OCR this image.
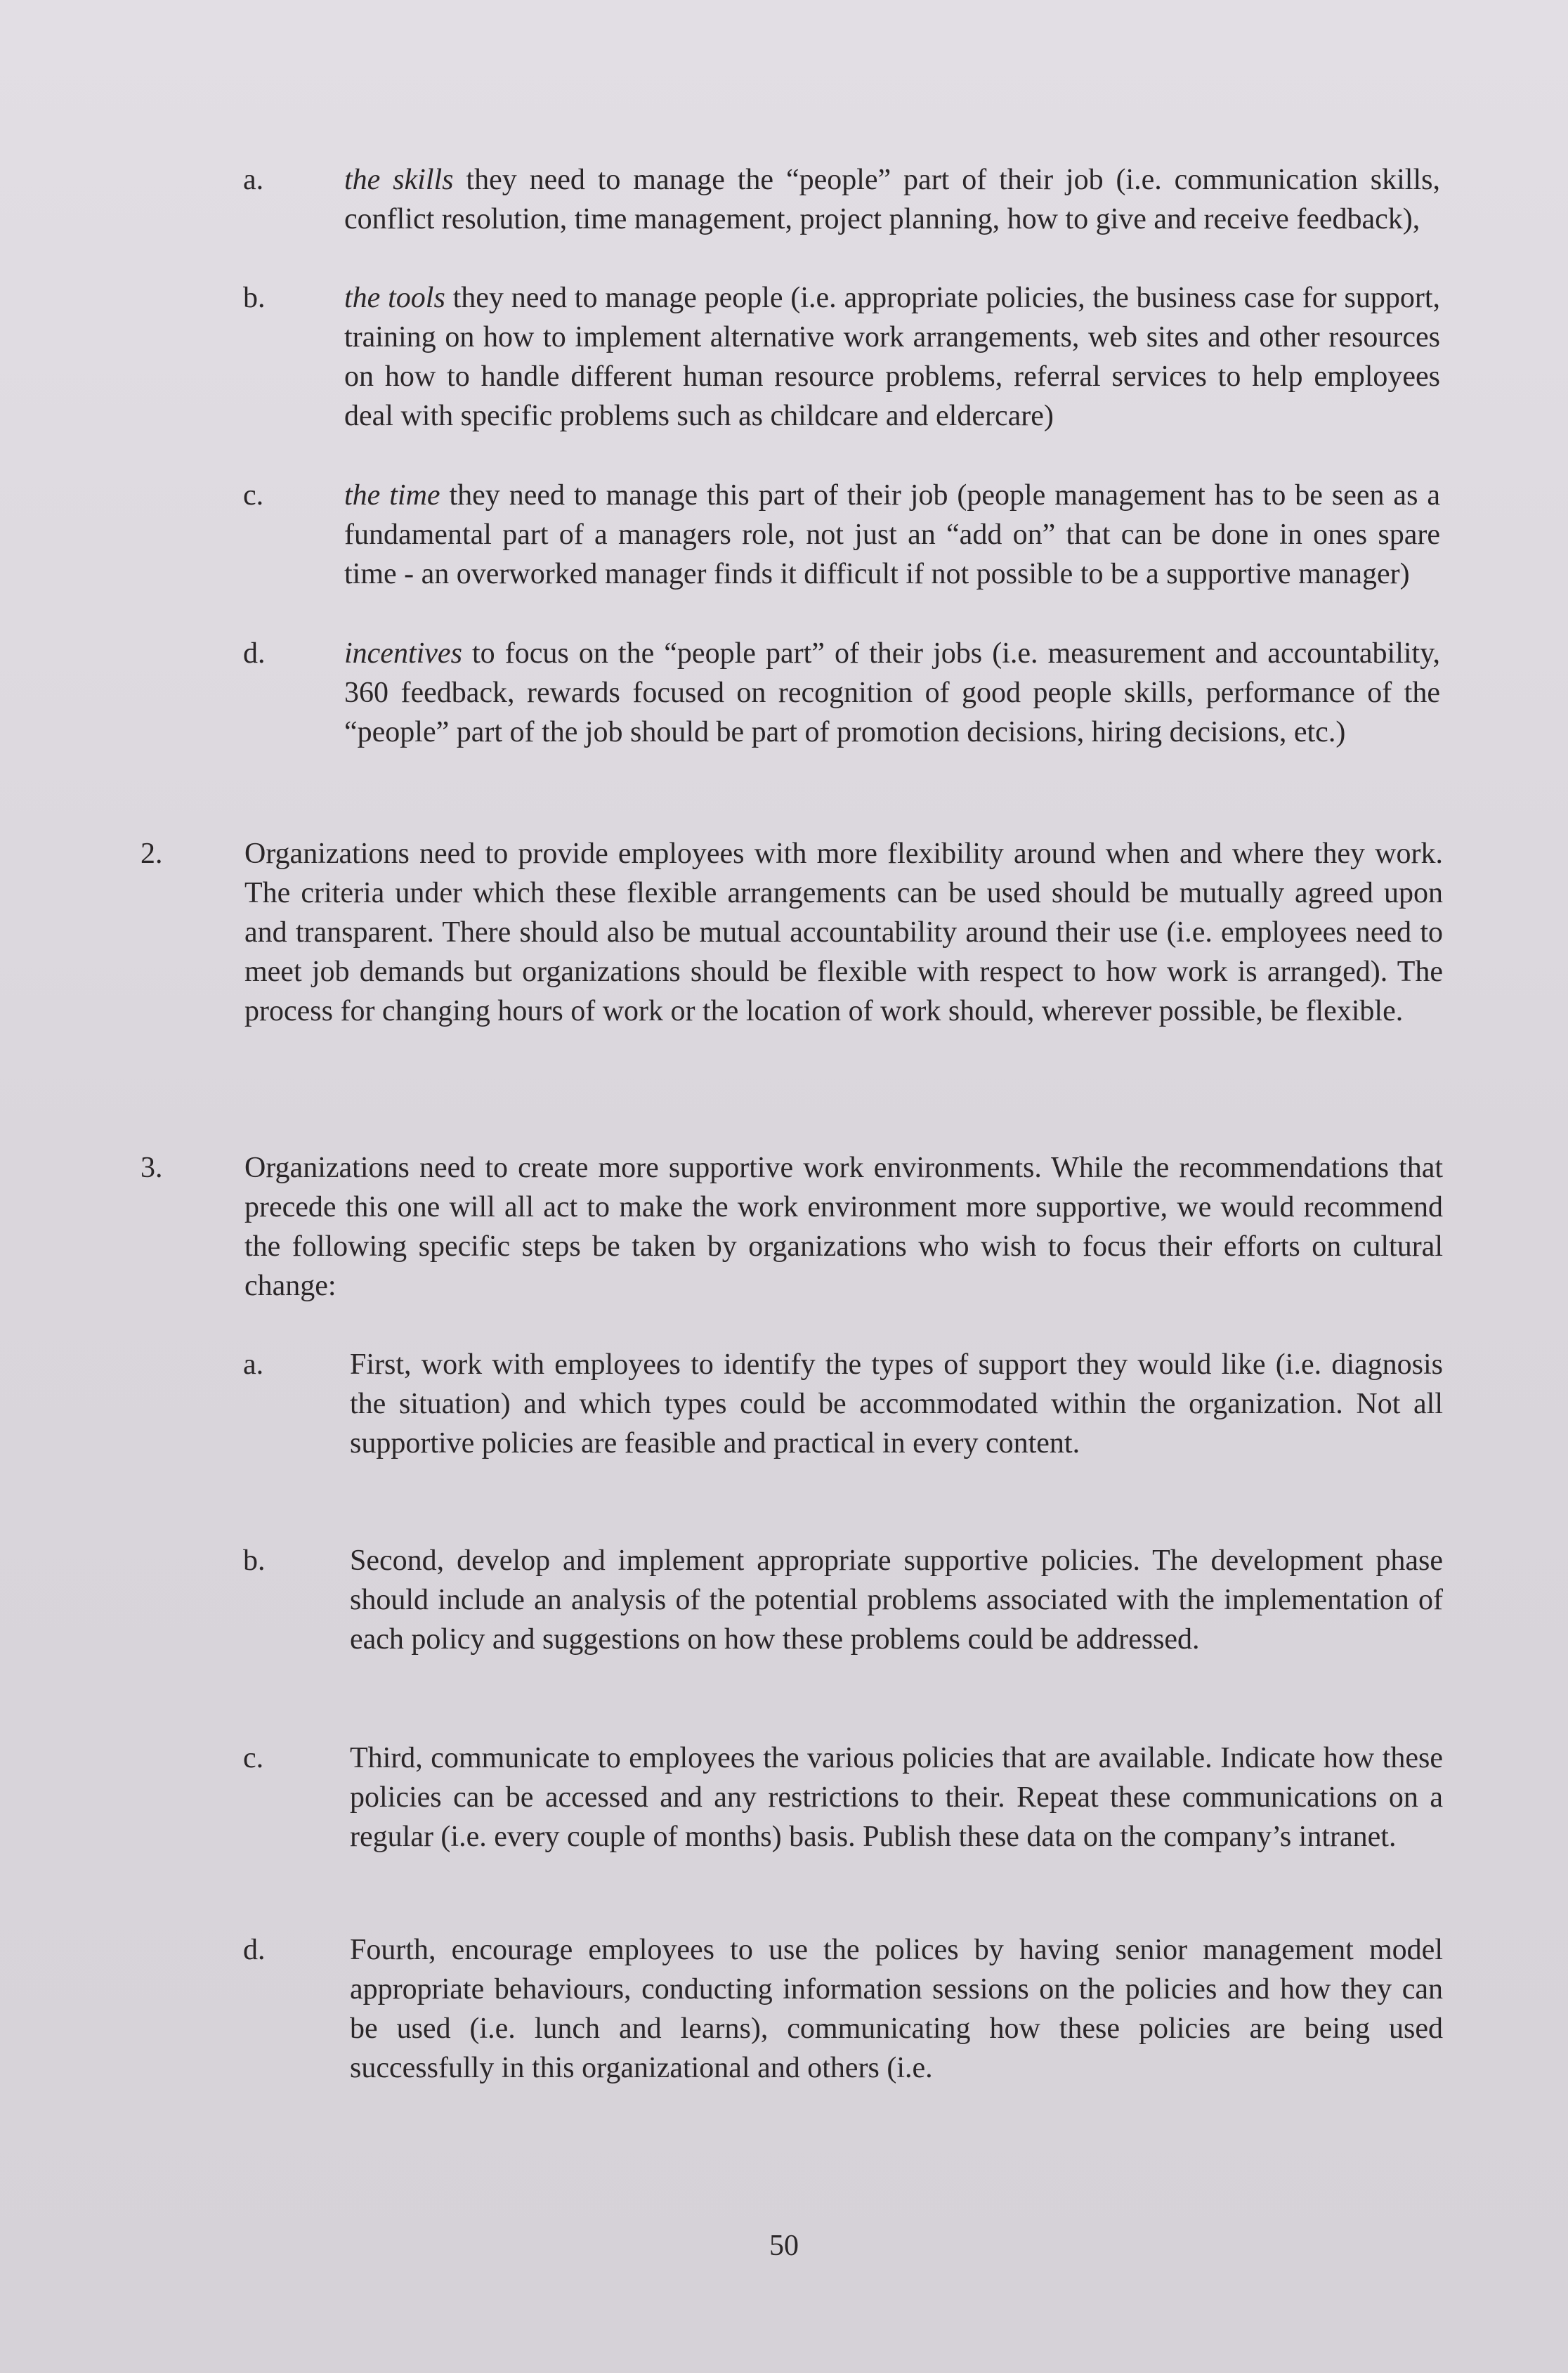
a.	the skills they need to manage the “people” part of their job (i.e. communication skills, conflict resolution, time management, project planning, how to give and receive feedback),

b.	the tools they need to manage people (i.e. appropriate policies, the business case for support, training on how to implement alternative work arrangements, web sites and other resources on how to handle different human resource problems, referral services to help employees deal with specific problems such as childcare and eldercare)

c.	the time they need to manage this part of their job (people management has to be seen as a fundamental part of a managers role, not just an “add on” that can be done in ones spare time - an overworked manager finds it difficult if not possible to be a supportive manager)

d.	incentives to focus on the “people part” of their jobs (i.e. measurement and accountability, 360 feedback, rewards focused on recognition of good people skills, performance of the “people” part of the job should be part of promotion decisions, hiring decisions, etc.)

2.	Organizations need to provide employees with more flexibility around when and where they work. The criteria under which these flexible arrangements can be used should be mutually agreed upon and transparent. There should also be mutual accountability around their use (i.e. employees need to meet job demands but organizations should be flexible with respect to how work is arranged). The process for changing hours of work or the location of work should, wherever possible, be flexible.

3.	Organizations need to create more supportive work environments. While the recommendations that precede this one will all act to make the work environment more supportive, we would recommend the following specific steps be taken by organizations who wish to focus their efforts on cultural change:

a.	First, work with employees to identify the types of support they would like (i.e. diagnosis the situation) and which types could be accommodated within the organization. Not all supportive policies are feasible and practical in every content.

b.	Second, develop and implement appropriate supportive policies. The development phase should include an analysis of the potential problems associated with the implementation of each policy and suggestions on how these problems could be addressed.

c.	Third, communicate to employees the various policies that are available. Indicate how these policies can be accessed and any restrictions to their. Repeat these communications on a regular (i.e. every couple of months) basis. Publish these data on the company’s intranet.

d.	Fourth, encourage employees to use the polices by having senior management model appropriate behaviours, conducting information sessions on the policies and how they can be used (i.e. lunch and learns), communicating how these policies are being used successfully in this organizational and others (i.e.

50
